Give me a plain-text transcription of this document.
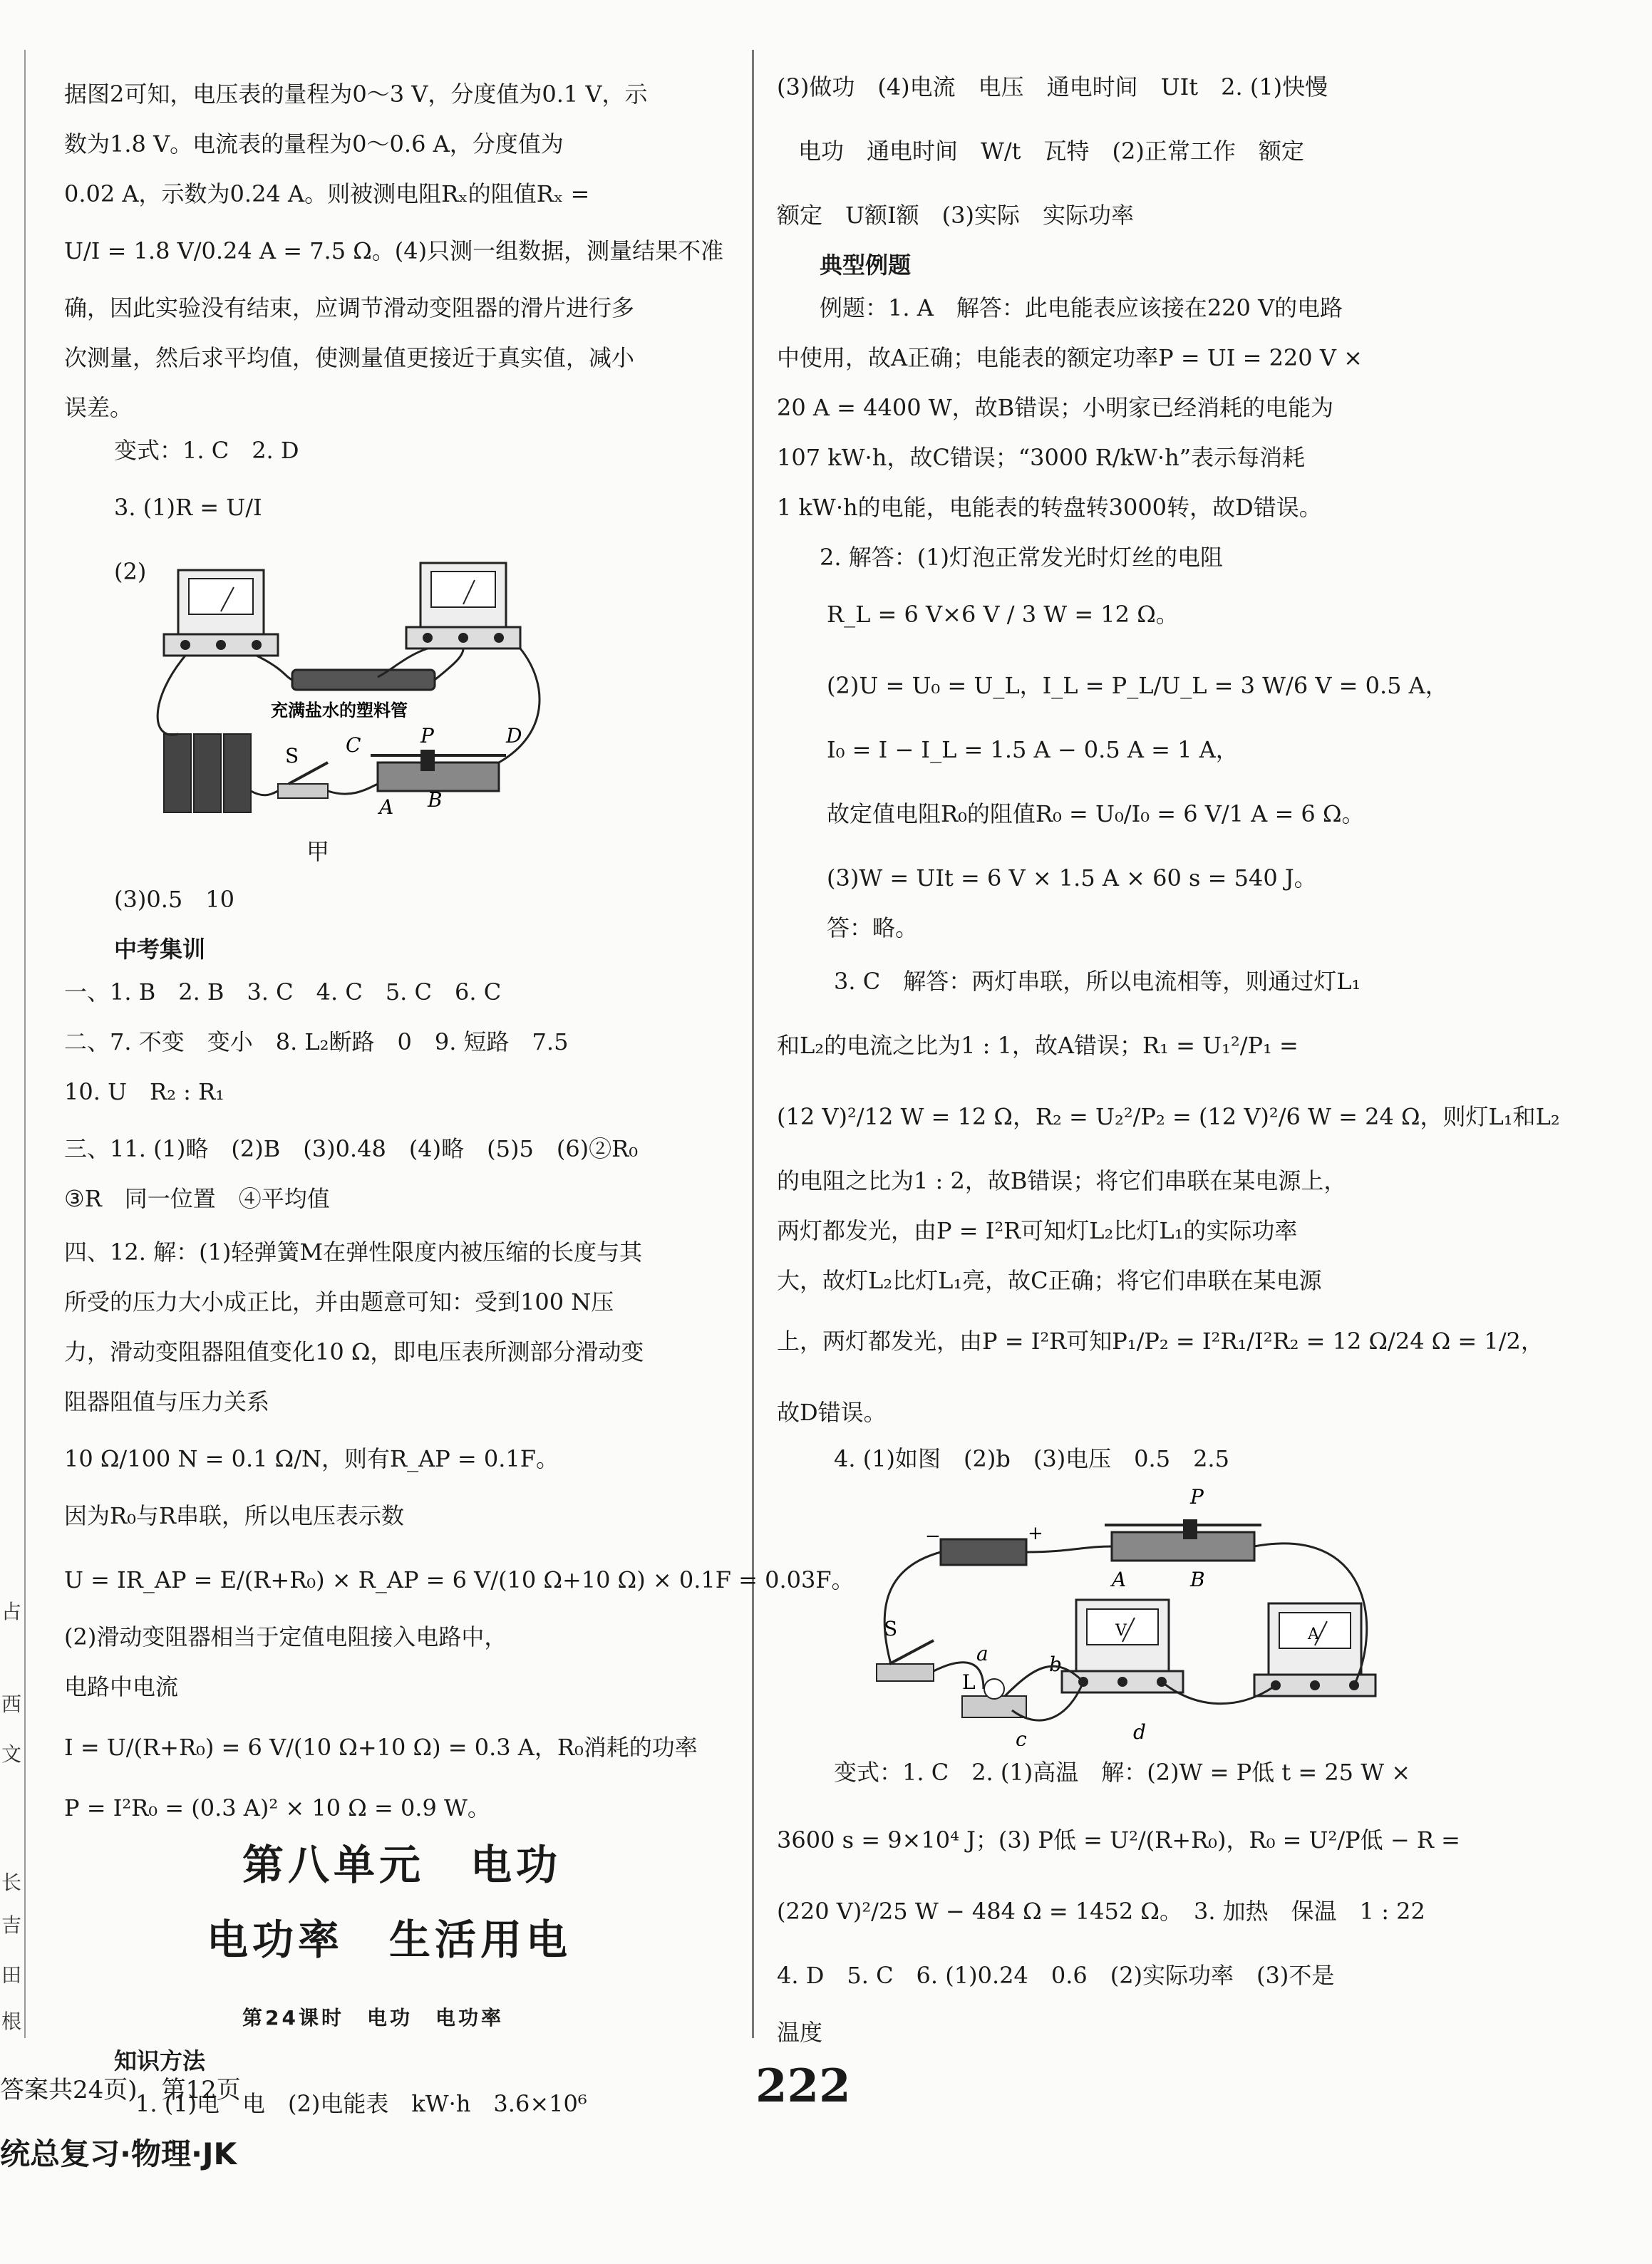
占
西
文
长
吉
田
根
据图2可知，电压表的量程为0～3 V，分度值为0.1 V，示
数为1.8 V。电流表的量程为0～0.6 A，分度值为
0.02 A，示数为0.24 A。则被测电阻Rₓ的阻值Rₓ =
U/I = 1.8 V/0.24 A = 7.5 Ω。(4)只测一组数据，测量结果不准
确，因此实验没有结束，应调节滑动变阻器的滑片进行多
次测量，然后求平均值，使测量值更接近于真实值，减小
误差。
变式：1. C　2. D
3. (1)R = U/I
(2)
充满盐水的塑料管
S C	P	D
A B
甲
(3)0.5　10
中考集训
一、1. B　2. B　3. C　4. C　5. C　6. C
二、7. 不变　变小　8. L₂断路　0　9. 短路　7.5
10. U　R₂ : R₁
三、11. (1)略　(2)B　(3)0.48　(4)略　(5)5　(6)②R₀
③R　同一位置　④平均值
四、12. 解：(1)轻弹簧M在弹性限度内被压缩的长度与其
所受的压力大小成正比，并由题意可知：受到100 N压
力，滑动变阻器阻值变化10 Ω，即电压表所测部分滑动变
阻器阻值与压力关系
10 Ω/100 N = 0.1 Ω/N，则有R_AP = 0.1F。
因为R₀与R串联，所以电压表示数
U = IR_AP = E/(R+R₀) × R_AP = 6 V/(10 Ω+10 Ω) × 0.1F = 0.03F。
(2)滑动变阻器相当于定值电阻接入电路中，
电路中电流
I = U/(R+R₀) = 6 V/(10 Ω+10 Ω) = 0.3 A，R₀消耗的功率
P = I²R₀ = (0.3 A)² × 10 Ω = 0.9 W。
第八单元　电功
电功率　生活用电
第24课时　电功　电功率
知识方法
1. (1)电　电　(2)电能表　kW·h　3.6×10⁶
(3)做功　(4)电流　电压　通电时间　UIt　2. (1)快慢
电功　通电时间　W/t　瓦特　(2)正常工作　额定
额定　U额I额　(3)实际　实际功率
典型例题
例题：1. A　解答：此电能表应该接在220 V的电路
中使用，故A正确；电能表的额定功率P = UI = 220 V ×
20 A = 4400 W，故B错误；小明家已经消耗的电能为
107 kW·h，故C错误；“3000 R/kW·h”表示每消耗
1 kW·h的电能，电能表的转盘转3000转，故D错误。
2. 解答：(1)灯泡正常发光时灯丝的电阻
R_L = 6 V×6 V / 3 W = 12 Ω。
(2)U = U₀ = U_L，I_L = P_L/U_L = 3 W/6 V = 0.5 A，
I₀ = I − I_L = 1.5 A − 0.5 A = 1 A，
故定值电阻R₀的阻值R₀ = U₀/I₀ = 6 V/1 A = 6 Ω。
(3)W = UIt = 6 V × 1.5 A × 60 s = 540 J。
答：略。
3. C　解答：两灯串联，所以电流相等，则通过灯L₁
和L₂的电流之比为1 : 1，故A错误；R₁ = U₁²/P₁ =
(12 V)²/12 W = 12 Ω，R₂ = U₂²/P₂ = (12 V)²/6 W = 24 Ω，则灯L₁和L₂
的电阻之比为1 : 2，故B错误；将它们串联在某电源上，
两灯都发光，由P = I²R可知灯L₂比灯L₁的实际功率
大，故灯L₂比灯L₁亮，故C正确；将它们串联在某电源
上，两灯都发光，由P = I²R可知P₁/P₂ = I²R₁/I²R₂ = 12 Ω/24 Ω = 1/2，
故D错误。
4. (1)如图　(2)b　(3)电压　0.5　2.5
−	+
P
A	B
S
a	b
L
c	d
V	A
变式：1. C　2. (1)高温　解：(2)W = P低 t = 25 W ×
3600 s = 9×10⁴ J；(3) P低 = U²/(R+R₀)，R₀ = U²/P低 − R =
(220 V)²/25 W − 484 Ω = 1452 Ω。　3. 加热　保温　1 : 22
4. D　5. C　6. (1)0.24　0.6　(2)实际功率　(3)不是
温度
答案共24页)　第12页
统总复习·物理·JK
222
